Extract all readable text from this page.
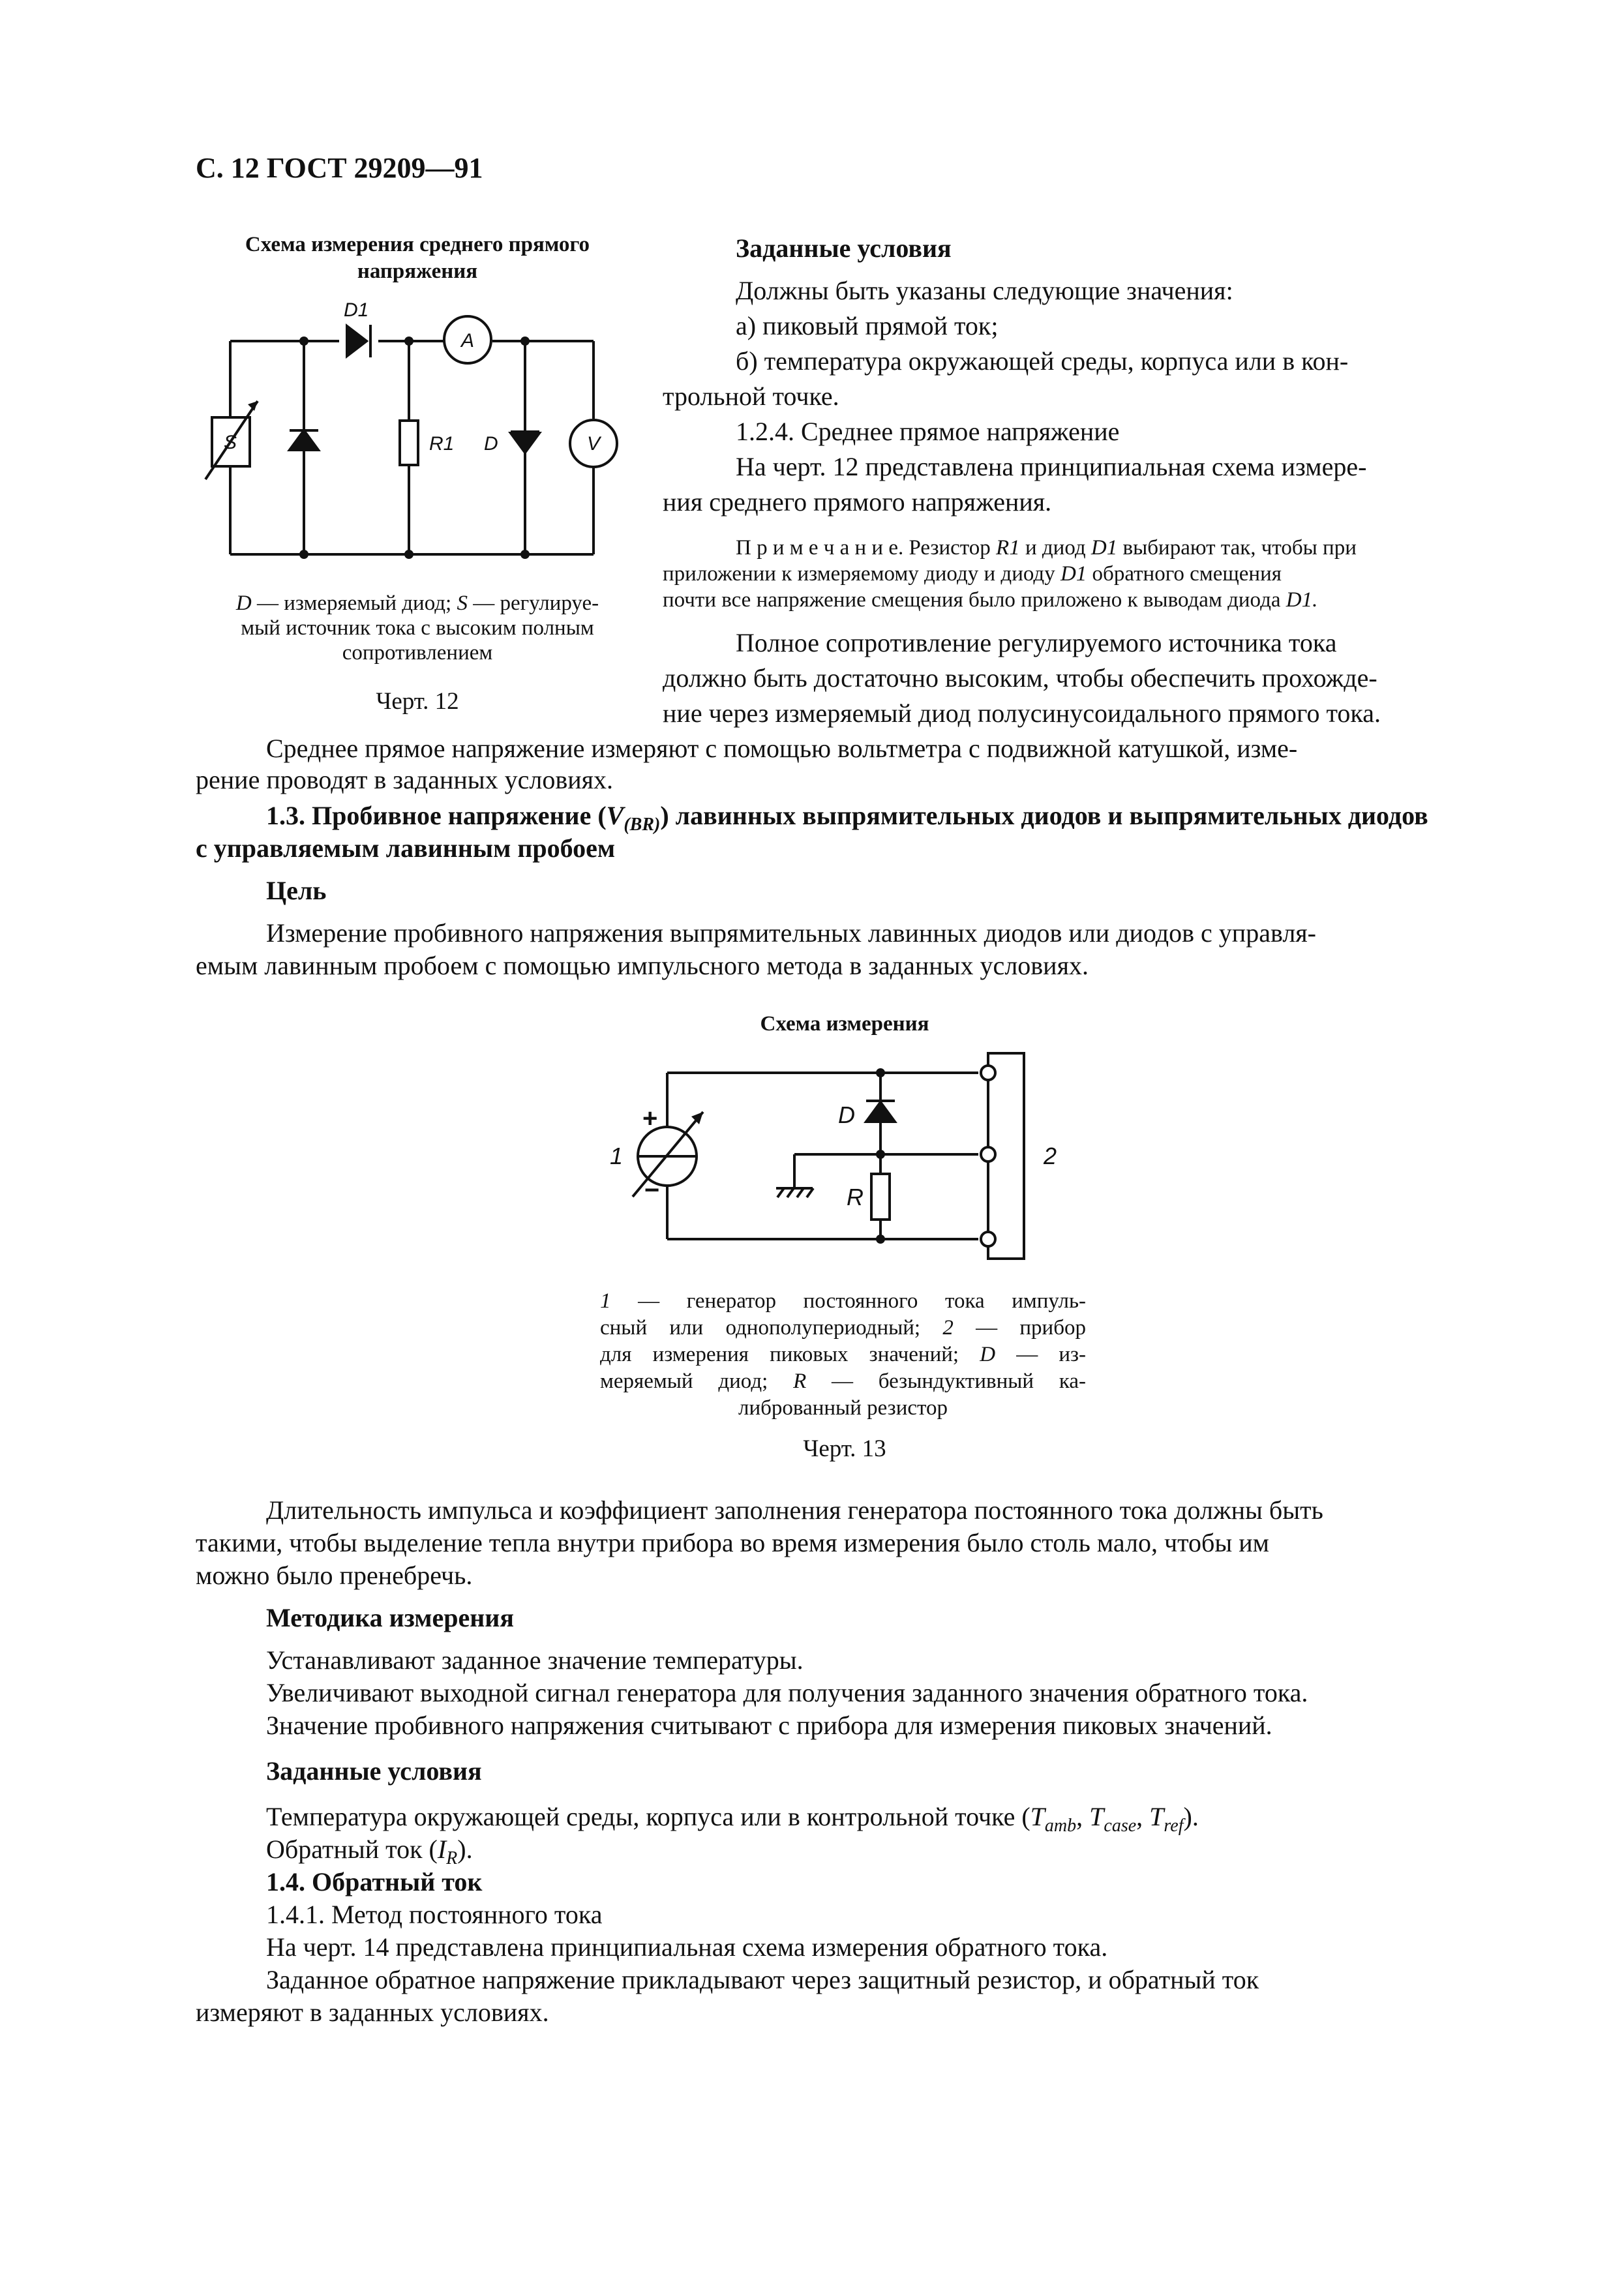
С. 12 ГОСТ 29209—91

Схема измерения среднего прямого

напряжения

D1
A
S	R1 D	V

D — измеряемый диод; S — регулируе-

мый источник тока с высоким полным

сопротивлением

Черт. 12

Заданные условия

Должны быть указаны следующие значения:

а) пиковый прямой ток;

б) температура окружающей среды, корпуса или в кон-

трольной точке.

1.2.4. Среднее прямое напряжение

На черт. 12 представлена принципиальная схема измере-

ния среднего прямого напряжения.

П р и м е ч а н и е. Резистор R1 и диод D1 выбирают так, чтобы при

приложении к измеряемому диоду и диоду D1 обратного смещения

почти все напряжение смещения было приложено к выводам диода D1.

Полное сопротивление регулируемого источника тока

должно быть достаточно высоким, чтобы обеспечить прохожде-

ние через измеряемый диод полусинусоидального прямого тока.

Среднее прямое напряжение измеряют с помощью вольтметра с подвижной катушкой, изме-

рение проводят в заданных условиях.

1.3. Пробивное напряжение $(V_{(BR)})$ лавинных выпрямительных диодов и выпрямительных диодов

с управляемым лавинным пробоем

Цель

Измерение пробивного напряжения выпрямительных лавинных диодов или диодов с управля-

емым лавинным пробоем с помощью импульсного метода в заданных условиях.

Схема измерения

1	2
D
R
+
−

1 — генератор постоянного тока импуль-

сный или однополупериодный; 2 — прибор

для измерения пиковых значений; D — из-

меряемый диод; R — безындуктивный ка-

либрованный резистор

Черт. 13

Длительность импульса и коэффициент заполнения генератора постоянного тока должны быть

такими, чтобы выделение тепла внутри прибора во время измерения было столь мало, чтобы им

можно было пренебречь.

Методика измерения

Устанавливают заданное значение температуры.

Увеличивают выходной сигнал генератора для получения заданного значения обратного тока.

Значение пробивного напряжения считывают с прибора для измерения пиковых значений.

Заданные условия

Температура окружающей среды, корпуса или в контрольной точке ($T_{amb}$, $T_{case}$, $T_{ref}$).

Обратный ток $(I_R)$.

1.4. Обратный ток

1.4.1. Метод постоянного тока

На черт. 14 представлена принципиальная схема измерения обратного тока.

Заданное обратное напряжение прикладывают через защитный резистор, и обратный ток

измеряют в заданных условиях.
